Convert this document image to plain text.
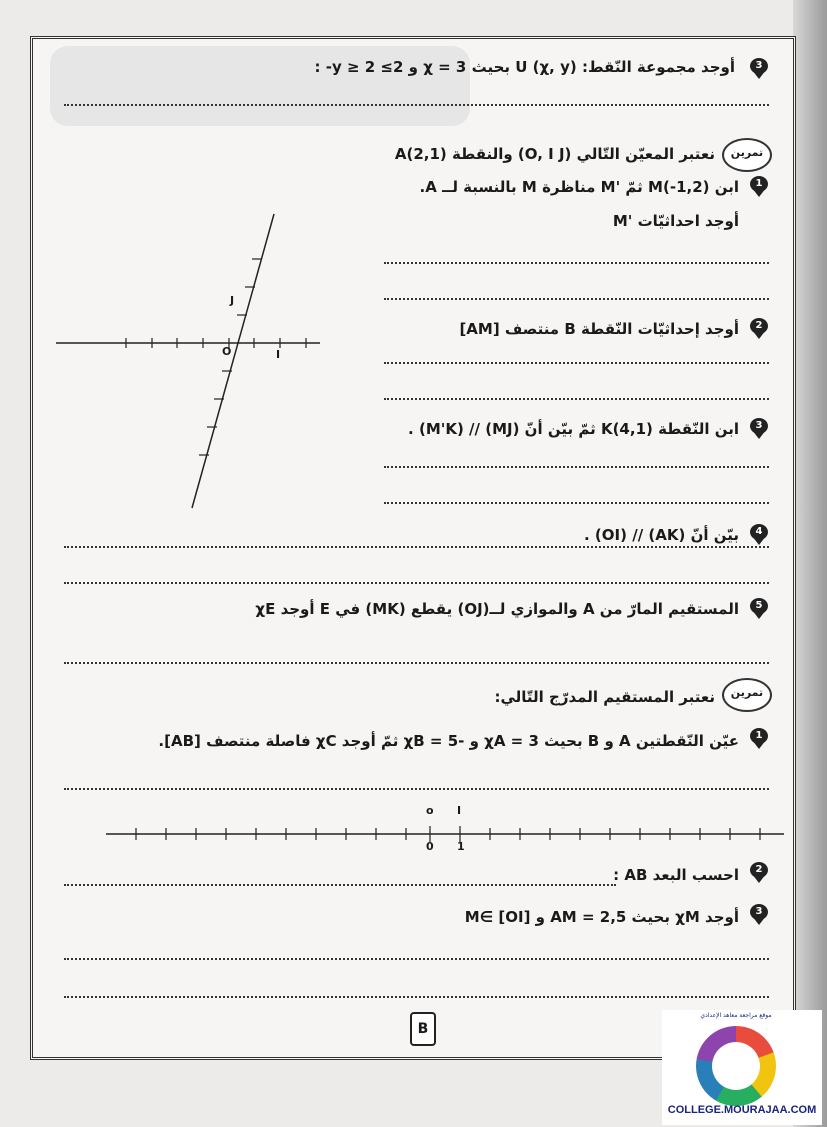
3
أوجد مجموعة النّقط: U (χ, y) بحيث 3 = χ و 2≥ y ≥ 2- :
تمرين
نعتبر المعيّن التّالي (O, I J) والنقطة A(2,1)
1
ابن (1,2-)M ثمّ 'M مناظرة M بالنسبة لــ A.
أوجد احداثيّات 'M
O	I
J
2
أوجد إحداثيّات النّقطة B منتصف [AM]
3
ابن النّقطة K(4,1) ثمّ بيّن أنّ (MJ) // (M'K) .
4
بيّن أنّ (AK) // (OI) .
5
المستقيم المارّ من A والموازي لــ(OJ) يقطع (MK) في E أوجد χE
تمرين
نعتبر المستقيم المدرّج التّالي:
1
عيّن النّقطتين A و B بحيث 3 = χA و -5 = χB ثمّ أوجد χC فاصلة منتصف [AB].
o I
0 1
2
احسب البعد AB :
3
أوجد χM بحيث AM = 2,5 و M∈ [OI]
B
موقع مراجعة معاهد الإعدادي
COLLEGE.MOURAJAA.COM
